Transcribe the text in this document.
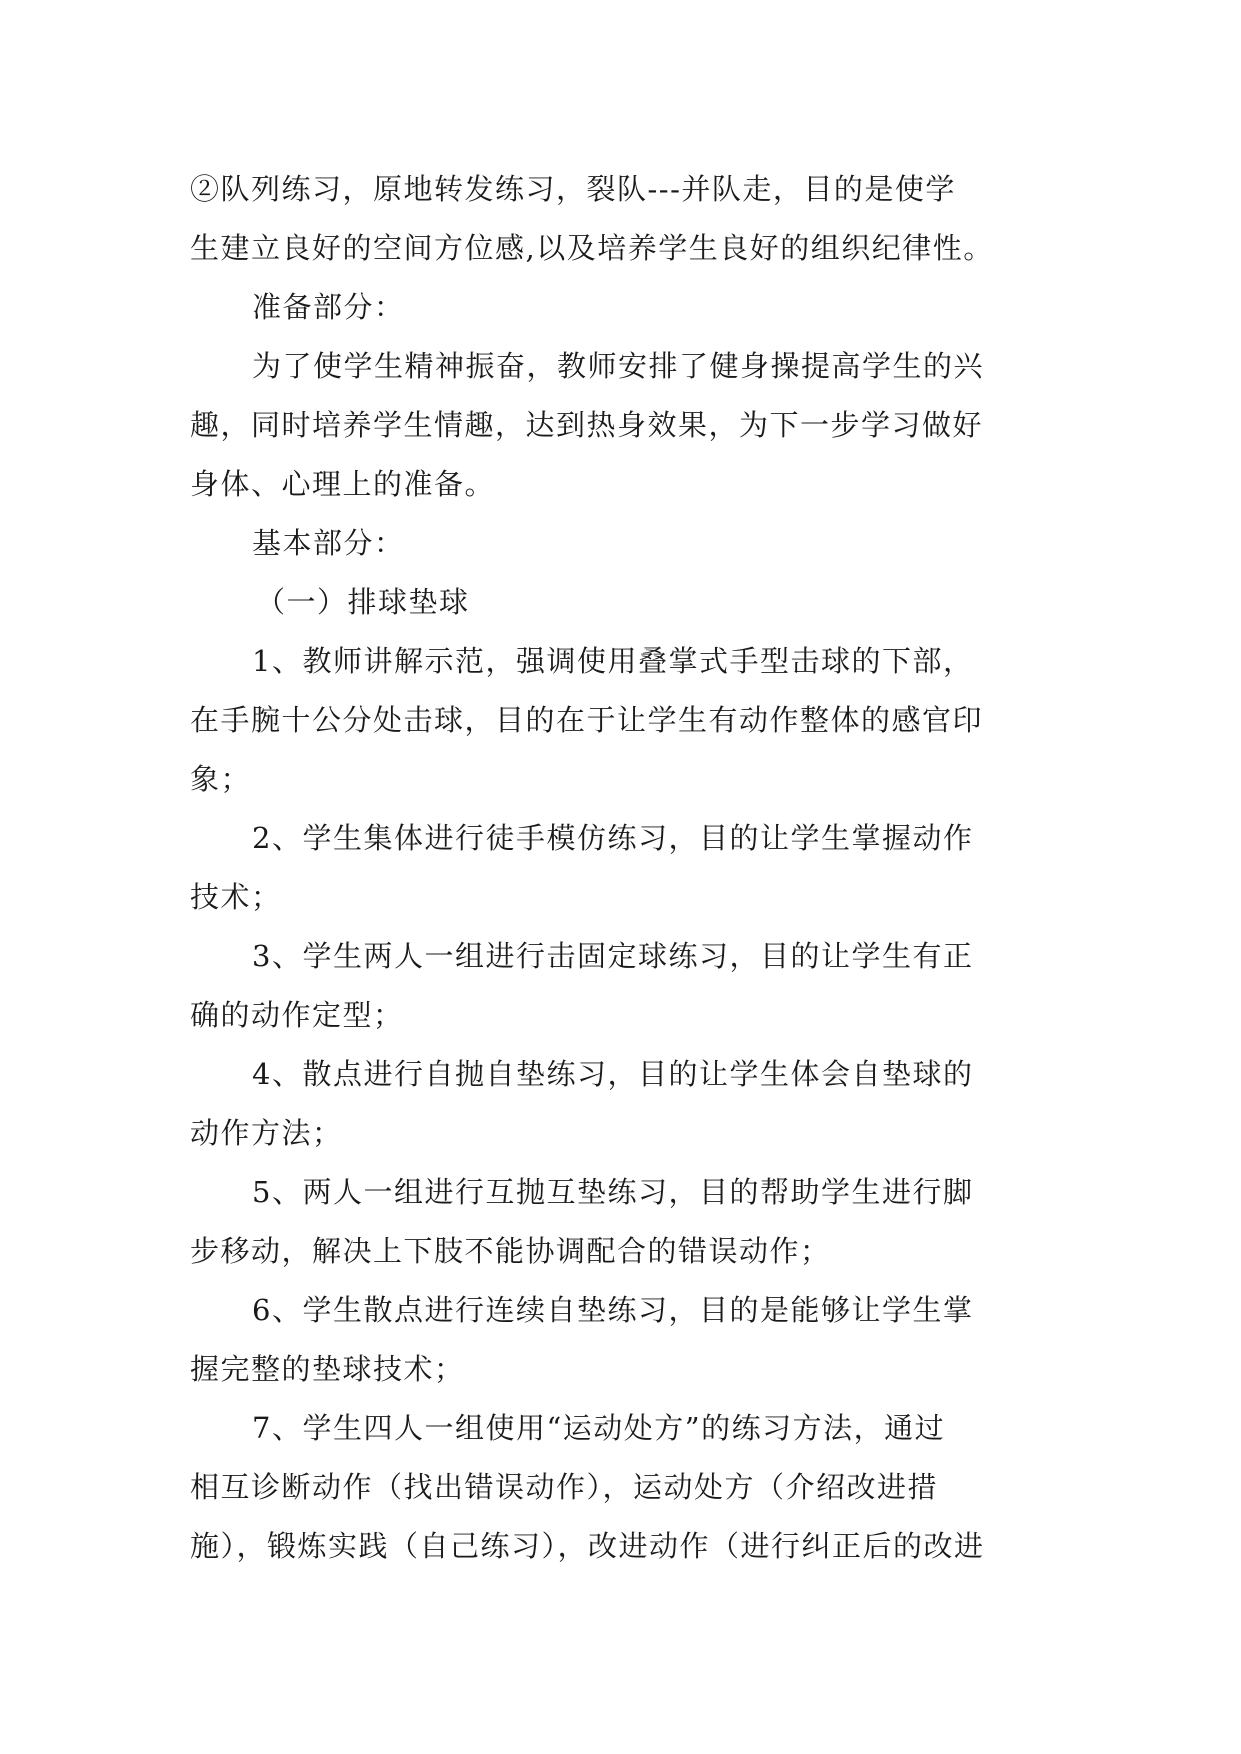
②队列练习，原地转发练习，裂队---并队走，目的是使学
生建立良好的空间方位感,以及培养学生良好的组织纪律性。
准备部分：
为了使学生精神振奋，教师安排了健身操提高学生的兴
趣，同时培养学生情趣，达到热身效果，为下一步学习做好
身体、心理上的准备。
基本部分：
（一）排球垫球
1、教师讲解示范，强调使用叠掌式手型击球的下部，
在手腕十公分处击球，目的在于让学生有动作整体的感官印
象；
2、学生集体进行徒手模仿练习，目的让学生掌握动作
技术；
3、学生两人一组进行击固定球练习，目的让学生有正
确的动作定型；
4、散点进行自抛自垫练习，目的让学生体会自垫球的
动作方法；
5、两人一组进行互抛互垫练习，目的帮助学生进行脚
步移动，解决上下肢不能协调配合的错误动作；
6、学生散点进行连续自垫练习，目的是能够让学生掌
握完整的垫球技术；
7、学生四人一组使用“运动处方”的练习方法，通过
相互诊断动作（找出错误动作），运动处方（介绍改进措
施），锻炼实践（自己练习），改进动作（进行纠正后的改进
